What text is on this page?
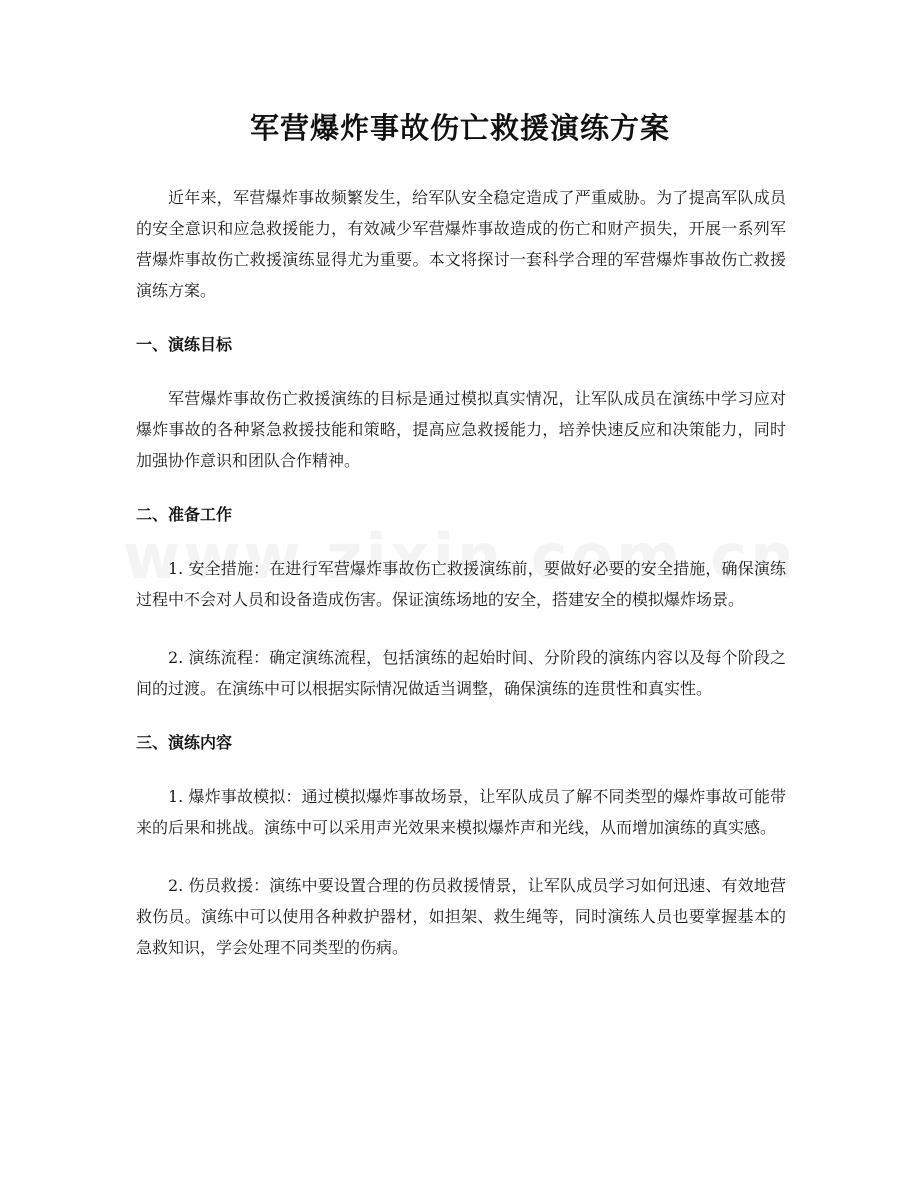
军营爆炸事故伤亡救援演练方案

近年来，军营爆炸事故频繁发生，给军队安全稳定造成了严重威胁。为了提高军队成员的安全意识和应急救援能力，有效减少军营爆炸事故造成的伤亡和财产损失，开展一系列军营爆炸事故伤亡救援演练显得尤为重要。本文将探讨一套科学合理的军营爆炸事故伤亡救援演练方案。

一、演练目标

军营爆炸事故伤亡救援演练的目标是通过模拟真实情况，让军队成员在演练中学习应对爆炸事故的各种紧急救援技能和策略，提高应急救援能力，培养快速反应和决策能力，同时加强协作意识和团队合作精神。

二、准备工作

1. 安全措施：在进行军营爆炸事故伤亡救援演练前，要做好必要的安全措施，确保演练过程中不会对人员和设备造成伤害。保证演练场地的安全，搭建安全的模拟爆炸场景。

2. 演练流程：确定演练流程，包括演练的起始时间、分阶段的演练内容以及每个阶段之间的过渡。在演练中可以根据实际情况做适当调整，确保演练的连贯性和真实性。

三、演练内容

1. 爆炸事故模拟：通过模拟爆炸事故场景，让军队成员了解不同类型的爆炸事故可能带来的后果和挑战。演练中可以采用声光效果来模拟爆炸声和光线，从而增加演练的真实感。

2. 伤员救援：演练中要设置合理的伤员救援情景，让军队成员学习如何迅速、有效地营救伤员。演练中可以使用各种救护器材，如担架、救生绳等，同时演练人员也要掌握基本的急救知识，学会处理不同类型的伤病。
